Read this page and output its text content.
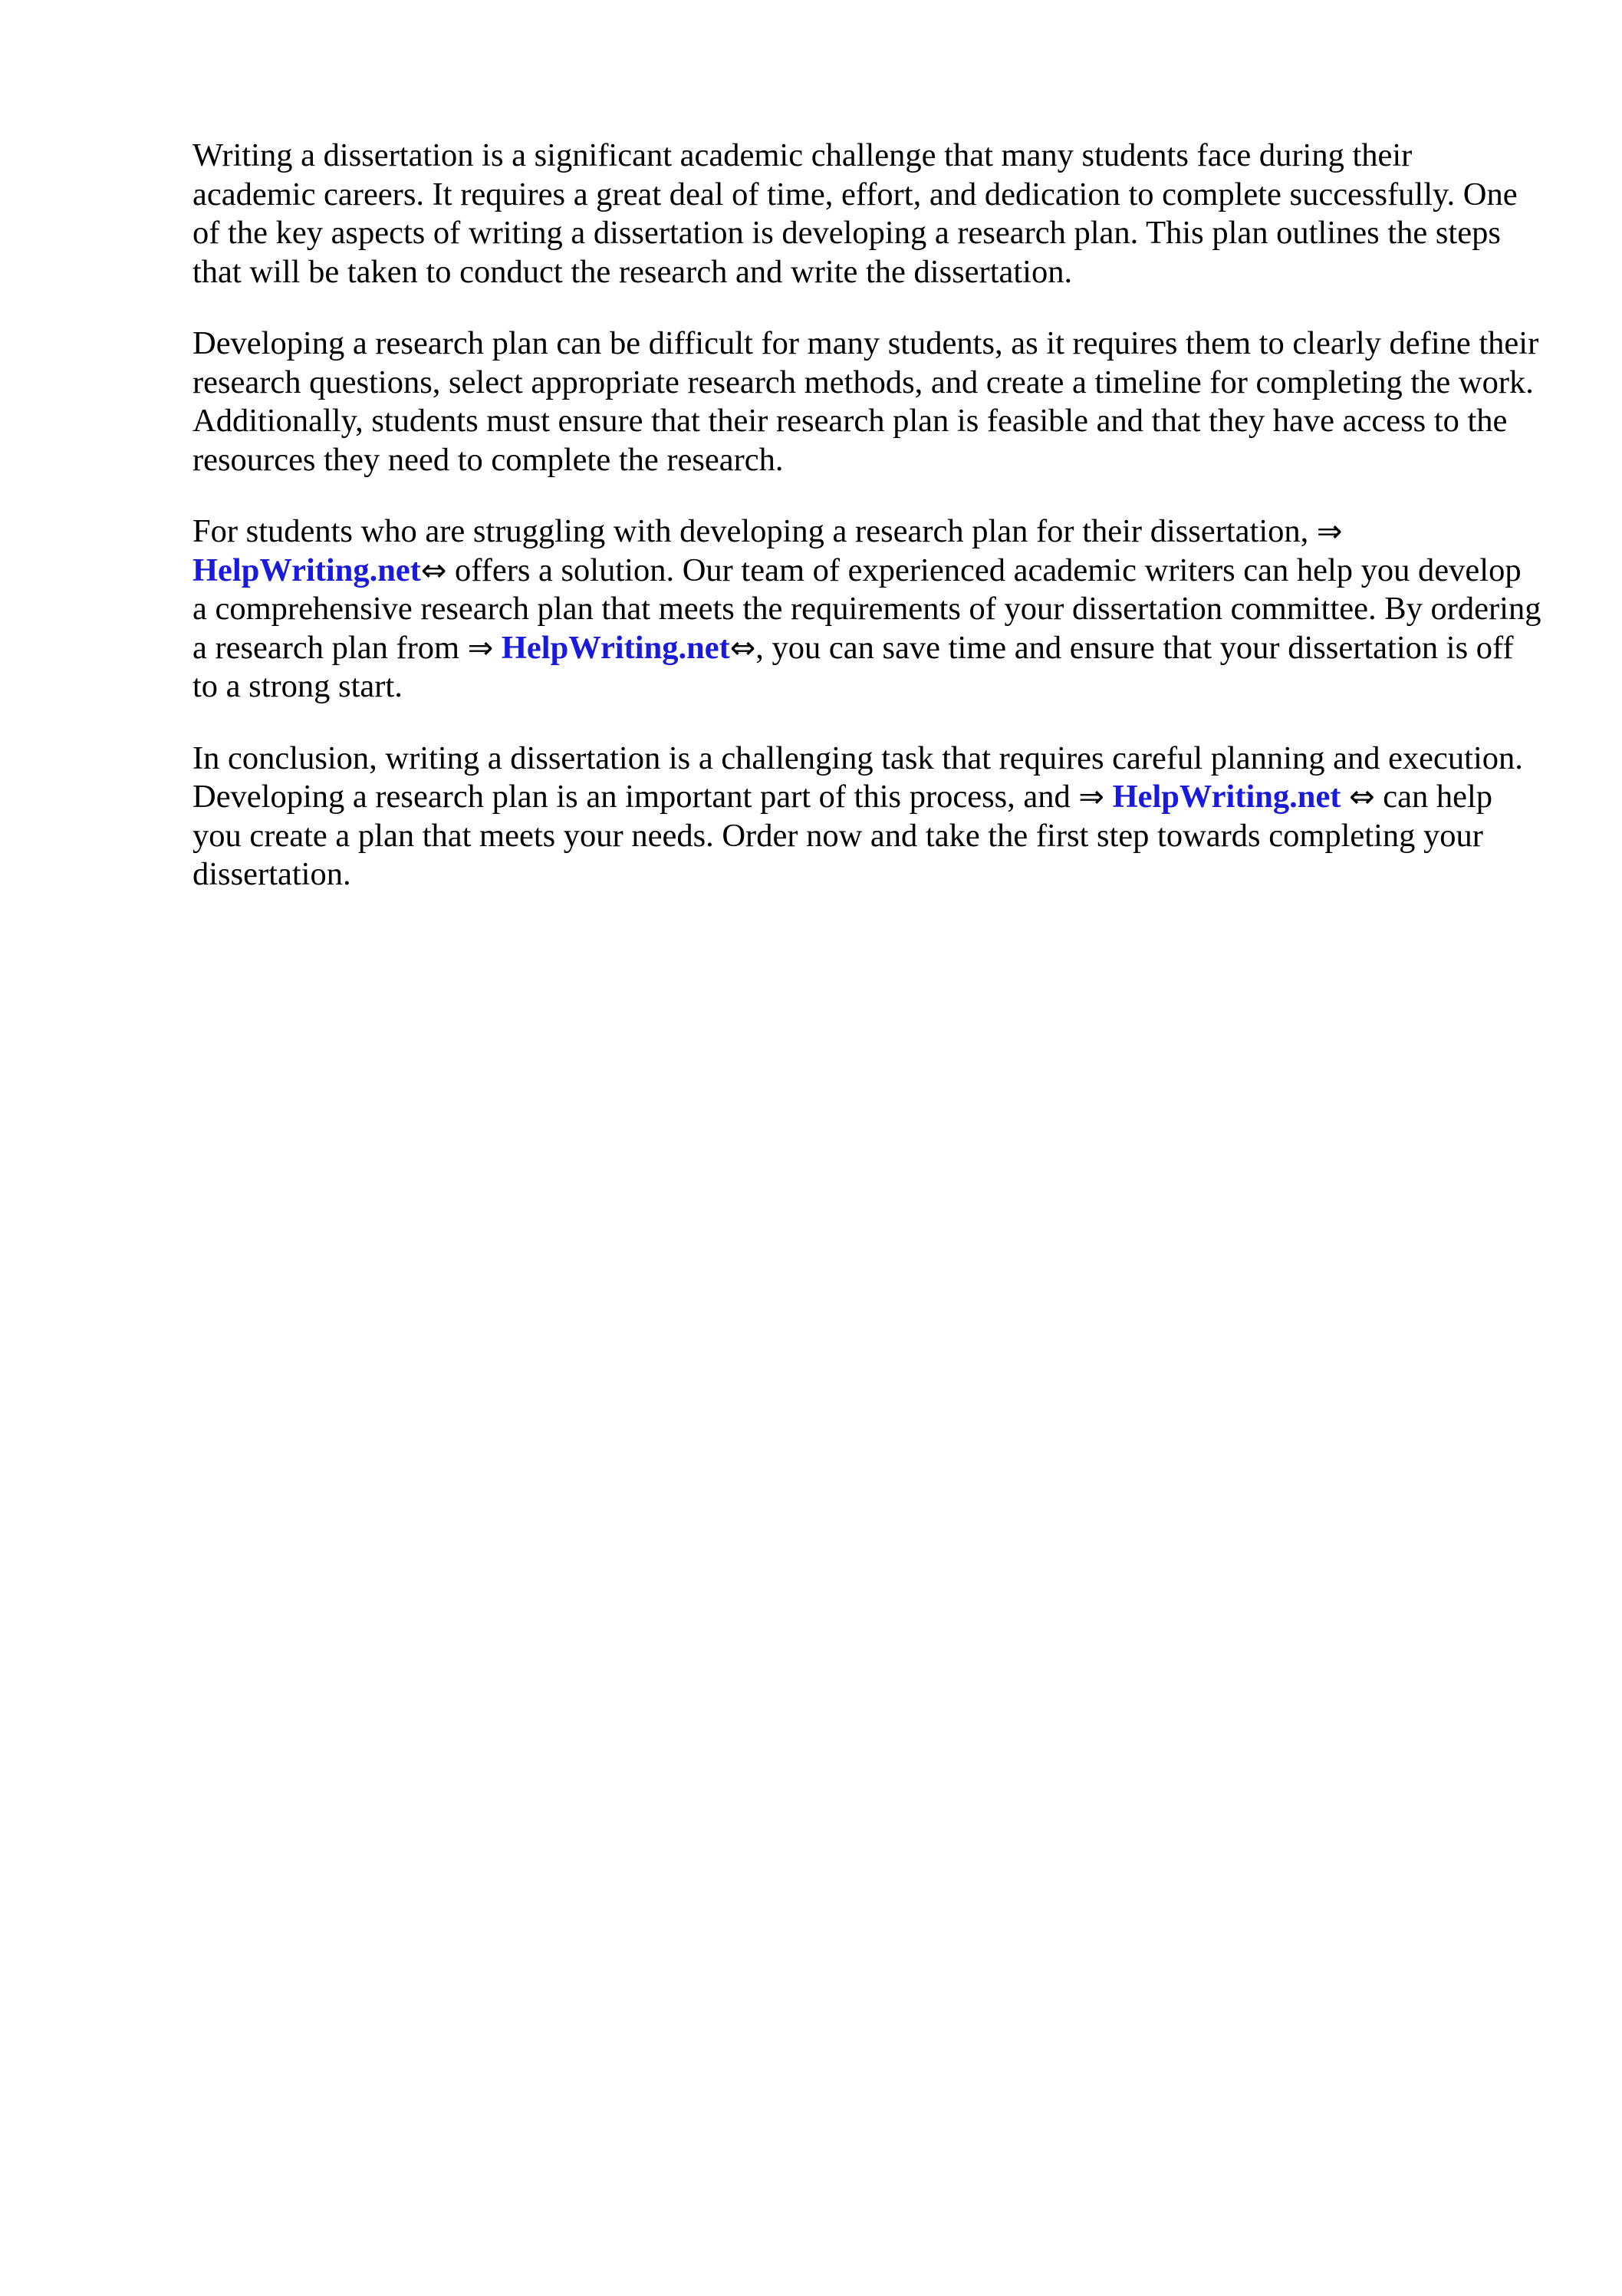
Writing a dissertation is a significant academic challenge that many students face during their academic careers. It requires a great deal of time, effort, and dedication to complete successfully. One of the key aspects of writing a dissertation is developing a research plan. This plan outlines the steps that will be taken to conduct the research and write the dissertation.

Developing a research plan can be difficult for many students, as it requires them to clearly define their research questions, select appropriate research methods, and create a timeline for completing the work. Additionally, students must ensure that their research plan is feasible and that they have access to the resources they need to complete the research.

For students who are struggling with developing a research plan for their dissertation, ⇒ HelpWriting.net⇔ offers a solution. Our team of experienced academic writers can help you develop a comprehensive research plan that meets the requirements of your dissertation committee. By ordering a research plan from ⇒ HelpWriting.net⇔, you can save time and ensure that your dissertation is off to a strong start.

In conclusion, writing a dissertation is a challenging task that requires careful planning and execution. Developing a research plan is an important part of this process, and ⇒ HelpWriting.net ⇔ can help you create a plan that meets your needs. Order now and take the first step towards completing your dissertation.
